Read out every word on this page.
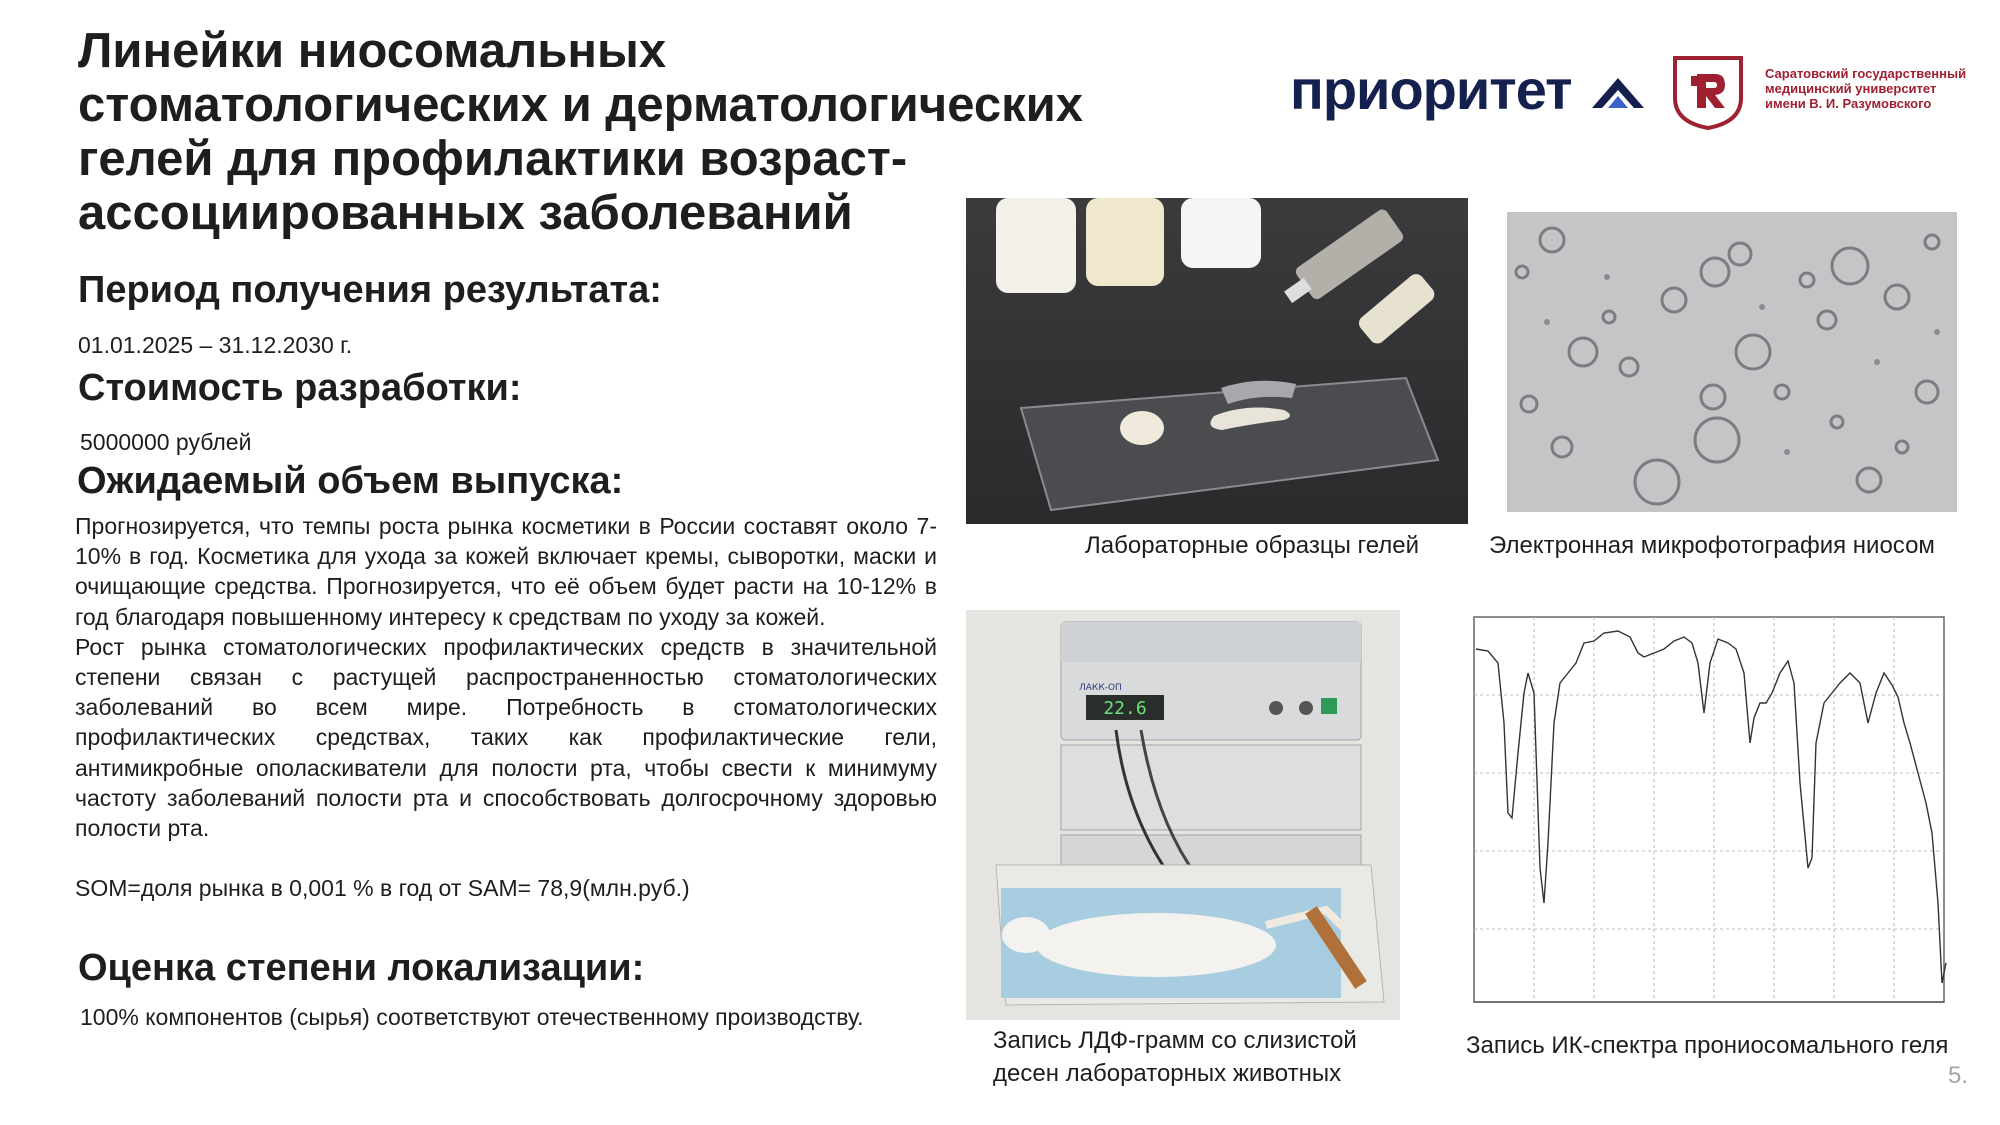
Линейки ниосомальных
стоматологических и дерматологических
гелей для профилактики возраст-
ассоциированных заболеваний
Период получения результата:
01.01.2025 – 31.12.2030 г.
Стоимость разработки:
5000000 рублей
Ожидаемый объем выпуска:

Прогнозируется, что темпы роста рынка косметики в России составят около 7-10% в год. Косметика для ухода за кожей включает кремы, сыворотки, маски и очищающие средства. Прогнозируется, что её объем будет расти на 10-12% в год благодаря повышенному интересу к средствам по уходу за кожей.

Рост рынка стоматологических профилактических средств в значительной степени связан с растущей распространенностью стоматологических заболеваний во всем мире. Потребность в стоматологических профилактических средствах, таких как профилактические гели, антимикробные ополаскиватели для полости рта, чтобы свести к минимуму частоту заболеваний полости рта и способствовать долгосрочному здоровью полости рта.

SOM=доля рынка в 0,001 % в год от SAM= 78,9(млн.руб.)

Оценка степени локализации:
100% компонентов (сырья) соответствуют отечественному производству.
приоритет	Саратовский государственный
медицинский университет
имени В. И. Разумовского
Лабораторные образцы гелей	Электронная микрофотография ниосом
22.6
ЛАКК-ОП
Запись ЛДФ-грамм со слизистой
десен лабораторных животных
Запись ИК-спектра прониосомального геля
5.
